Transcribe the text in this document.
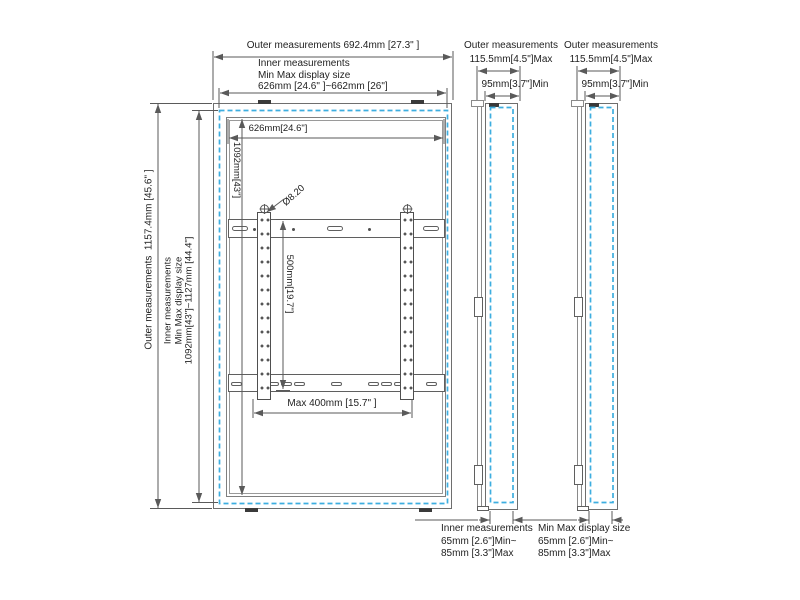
Outer measurements 692.4mm [27.3" ]
Inner measurements
Min Max display size
626mm [24.6" ]~662mm [26"]
Outer measurements  1157.4mm [45.6" ] Inner measurements Min Max display size 1092mm[43"]~1127mm [44.4"]
626mm[24.6"]
1092mm[43"]
500mm[19.7"]
Max 400mm [15.7" ]
Ø8.20
Outer measurements
115.5mm[4.5"]Max
95mm[3.7"]Min
Inner measurements
65mm [2.6"]Min~
85mm [3.3"]Max
Outer measurements
115.5mm[4.5"]Max
95mm[3.7"]Min
Min Max display size
65mm [2.6"]Min~
85mm [3.3"]Max
